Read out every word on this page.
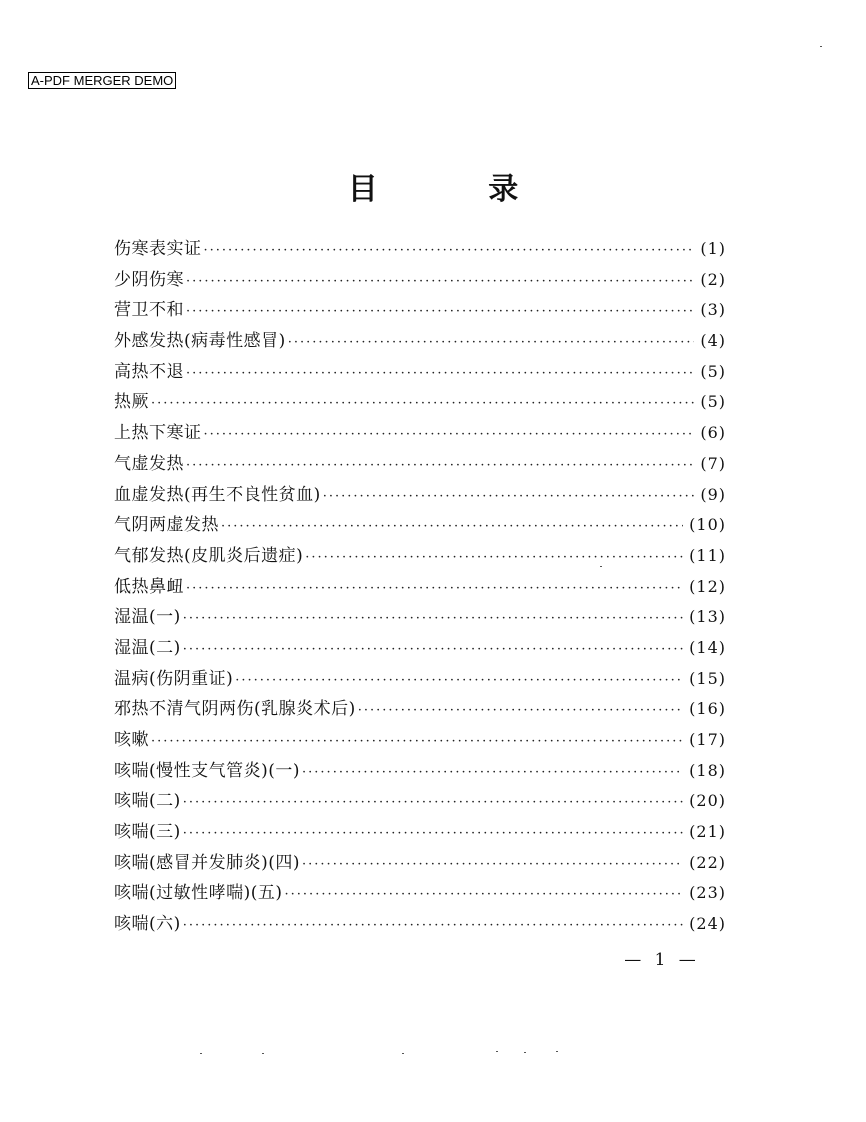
A-PDF MERGER DEMO
目 录
伤寒表实证 ·····	(1)
少阴伤寒 ·····	(2)
营卫不和 ·····	(3)
外感发热(病毒性感冒) ·····	(4)
高热不退 ·····	(5)
热厥 ·····	(5)
上热下寒证 ·····	(6)
气虚发热 ·····	(7)
血虚发热(再生不良性贫血) ·····	(9)
气阴两虚发热 ·····	(10)
气郁发热(皮肌炎后遗症) ·····	(11)
低热鼻衄 ·····	(12)
湿温(一) ·····	(13)
湿温(二) ·····	(14)
温病(伤阴重证) ·····	(15)
邪热不清气阴两伤(乳腺炎术后) ·····	(16)
咳嗽 ·····	(17)
咳喘(慢性支气管炎)(一) ·····	(18)
咳喘(二) ·····	(20)
咳喘(三) ·····	(21)
咳喘(感冒并发肺炎)(四) ·····	(22)
咳喘(过敏性哮喘)(五) ·····	(23)
咳喘(六) ·····	(24)
— 1 —
